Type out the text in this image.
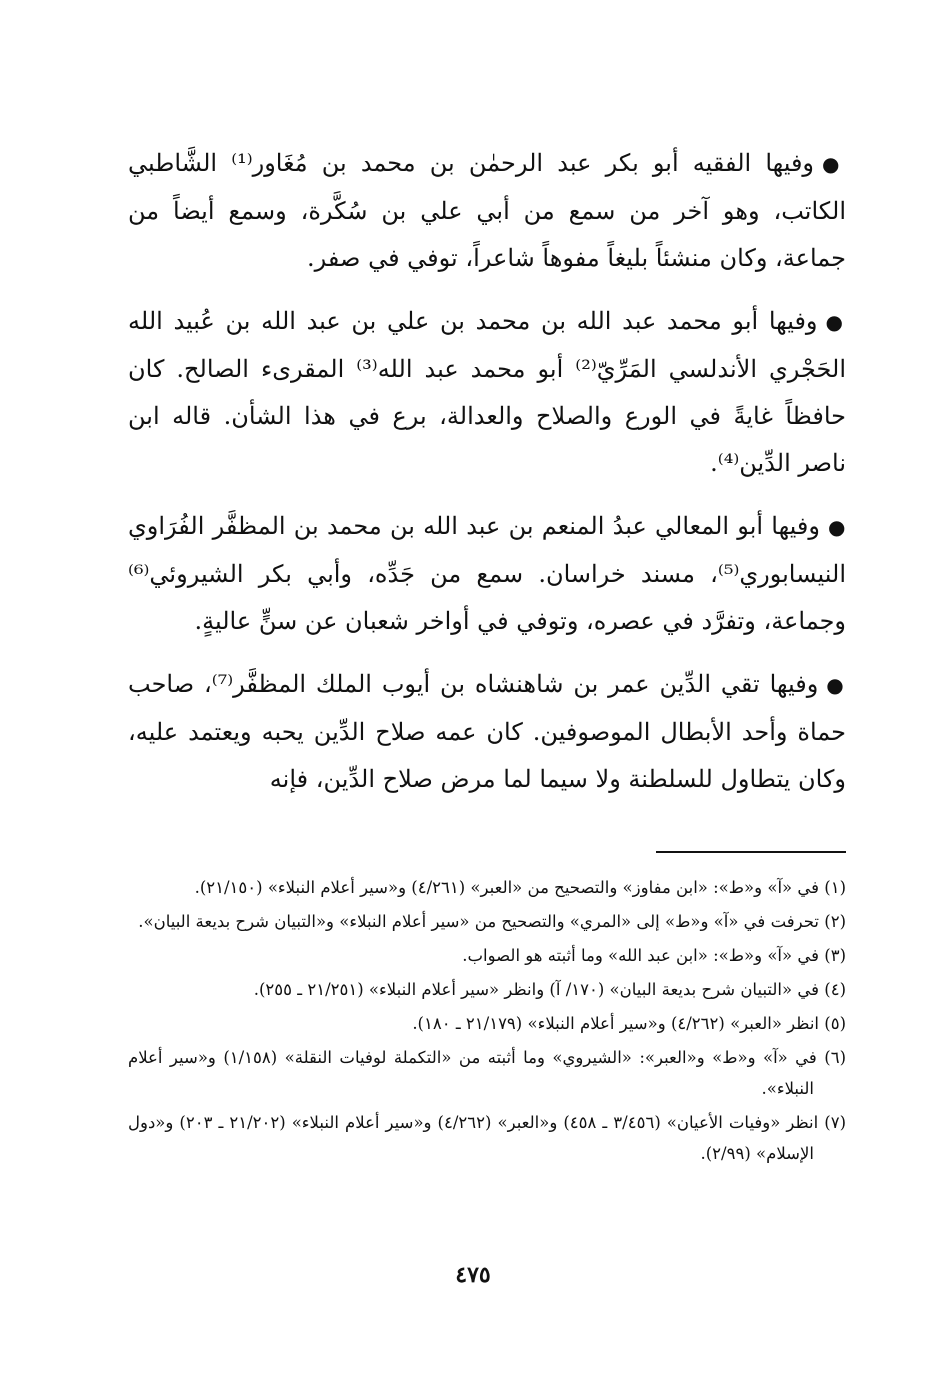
●وفيها الفقيه أبو بكر عبد الرحمٰن بن محمد بن مُغَاور⁽¹⁾ الشَّاطبي الكاتب، وهو آخر من سمع من أبي علي بن سُكَّرة، وسمع أيضاً من جماعة، وكان منشئاً بليغاً مفوهاً شاعراً، توفي في صفر.

●وفيها أبو محمد عبد الله بن محمد بن علي بن عبد الله بن عُبيد الله الحَجْري الأندلسي المَرِّيّ⁽²⁾ أبو محمد عبد الله⁽³⁾ المقرىء الصالح. كان حافظاً غايةً في الورع والصلاح والعدالة، برع في هذا الشأن. قاله ابن ناصر الدِّين⁽⁴⁾.

●وفيها أبو المعالي عبدُ المنعم بن عبد الله بن محمد بن المظفَّر الفُرَاوي النيسابوري⁽⁵⁾، مسند خراسان. سمع من جَدِّه، وأبي بكر الشيروئي⁽⁶⁾ وجماعة، وتفرَّد في عصره، وتوفي في أواخر شعبان عن سنٍّ عاليةٍ.

●وفيها تقي الدِّين عمر بن شاهنشاه بن أيوب الملك المظفَّر⁽⁷⁾، صاحب حماة وأحد الأبطال الموصوفين. كان عمه صلاح الدِّين يحبه ويعتمد عليه، وكان يتطاول للسلطنة ولا سيما لما مرض صلاح الدِّين، فإنه

(١) في «آ» و«ط»: «ابن مفاوز» والتصحيح من «العبر» (٤/٢٦١) و«سير أعلام النبلاء» (٢١/١٥٠).

(٢) تحرفت في «آ» و«ط» إلى «المري» والتصحيح من «سير أعلام النبلاء» و«التبيان شرح بديعة البيان».

(٣) في «آ» و«ط»: «ابن عبد الله» وما أثبته هو الصواب.

(٤) في «التبيان شرح بديعة البيان» (١٧٠/ آ) وانظر «سير أعلام النبلاء» (٢١/٢٥١ ـ ٢٥٥).

(٥) انظر «العبر» (٤/٢٦٢) و«سير أعلام النبلاء» (٢١/١٧٩ ـ ١٨٠).

(٦) في «آ» و«ط» و«العبر»: «الشيروي» وما أثبته من «التكملة لوفيات النقلة» (١/١٥٨) و«سير أعلام النبلاء».

(٧) انظر «وفيات الأعيان» (٣/٤٥٦ ـ ٤٥٨) و«العبر» (٤/٢٦٢) و«سير أعلام النبلاء» (٢١/٢٠٢ ـ ٢٠٣) و«دول الإسلام» (٢/٩٩).

٤٧٥
